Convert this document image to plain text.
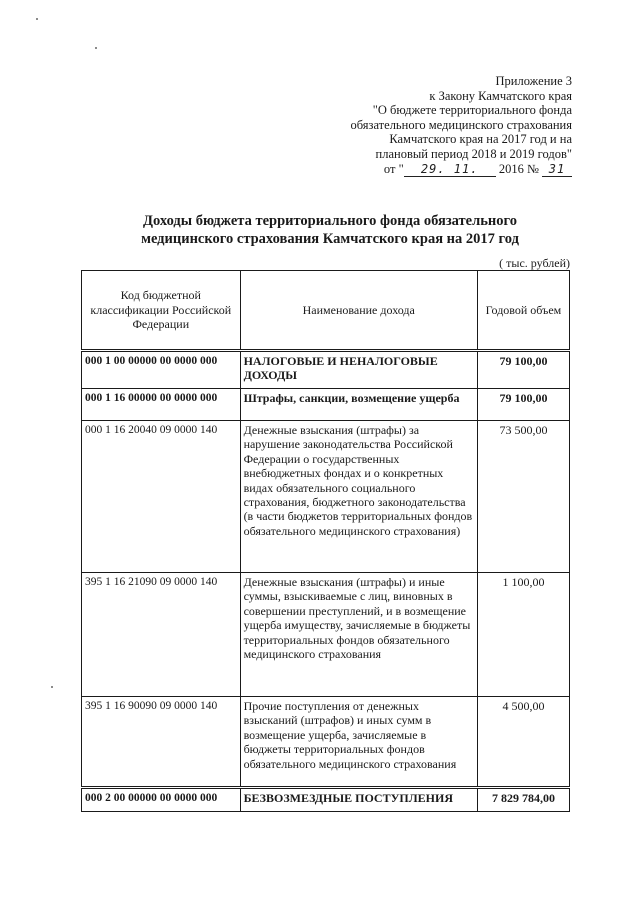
Приложение 3
к Закону Камчатского края
"О бюджете территориального фонда
обязательного медицинского страхования
Камчатского края на 2017 год и на
плановый период 2018 и 2019 годов"
от " 29. 11. 2016 № 31
Доходы бюджета территориального фонда обязательного
медицинского страхования Камчатского края на 2017 год
( тыс. рублей)
Код бюджетной классификации Российской Федерации	Наименование дохода	Годовой объем
000 1 00 00000 00 0000 000	НАЛОГОВЫЕ И НЕНАЛОГОВЫЕ ДОХОДЫ	79 100,00
000 1 16 00000 00 0000 000	Штрафы, санкции, возмещение ущерба	79 100,00
000 1 16 20040 09 0000 140	Денежные взыскания (штрафы) за нарушение законодательства Российской Федерации о государственных внебюджетных фондах и о конкретных видах обязательного социального страхования, бюджетного законодательства (в части бюджетов территориальных фондов обязательного медицинского страхования)	73 500,00
395 1 16 21090 09 0000 140	Денежные взыскания (штрафы) и иные суммы, взыскиваемые с лиц, виновных в совершении преступлений, и в возмещение ущерба имуществу, зачисляемые в бюджеты территориальных фондов обязательного медицинского страхования	1 100,00
395 1 16 90090 09 0000 140	Прочие поступления от денежных взысканий (штрафов) и иных сумм в возмещение ущерба, зачисляемые в бюджеты территориальных фондов обязательного медицинского страхования	4 500,00
000 2 00 00000 00 0000 000	БЕЗВОЗМЕЗДНЫЕ ПОСТУПЛЕНИЯ	7 829 784,00
